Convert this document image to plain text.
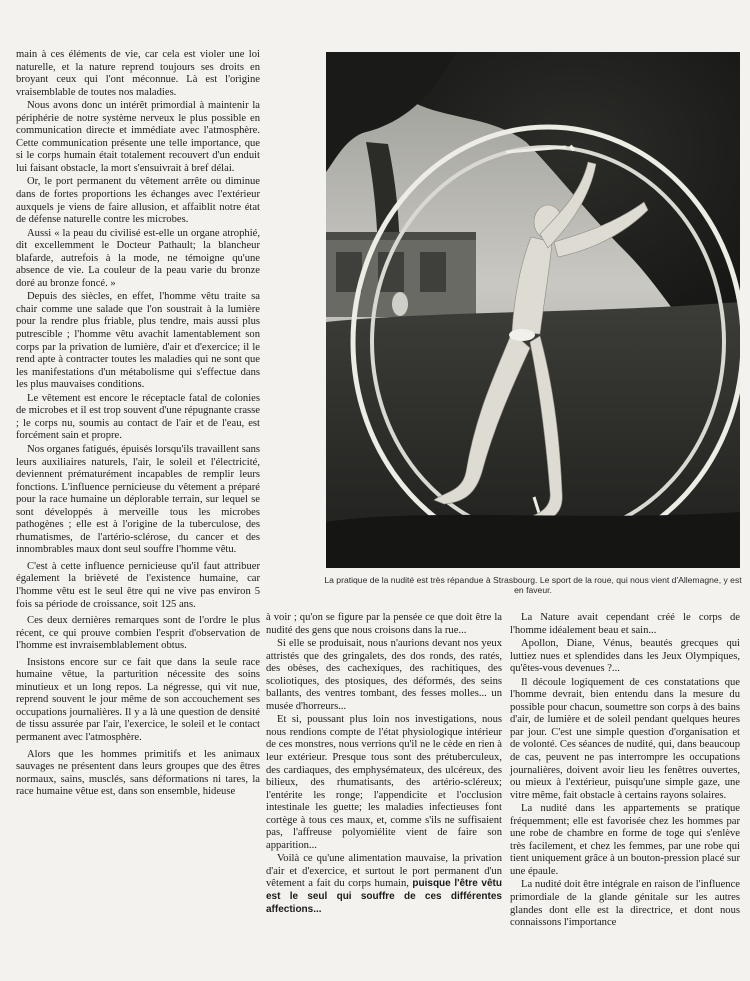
main à ces éléments de vie, car cela est violer une loi naturelle, et la nature reprend toujours ses droits en broyant ceux qui l'ont méconnue. Là est l'origine vraisemblable de toutes nos maladies.

Nous avons donc un intérêt primordial à maintenir la périphérie de notre système nerveux le plus possible en communication directe et immédiate avec l'atmosphère. Cette communication présente une telle importance, que si le corps humain était totalement recouvert d'un enduit lui faisant obstacle, la mort s'ensuivrait à bref délai.

Or, le port permanent du vêtement arrête ou diminue dans de fortes proportions les échanges avec l'extérieur auxquels je viens de faire allusion, et affaiblit notre état de défense naturelle contre les microbes.

Aussi « la peau du civilisé est-elle un organe atrophié, dit excellemment le Docteur Pathault; la blancheur blafarde, autrefois à la mode, ne témoigne qu'une absence de vie. La couleur de la peau varie du bronze doré au bronze foncé. »

Depuis des siècles, en effet, l'homme vêtu traite sa chair comme une salade que l'on soustrait à la lumière pour la rendre plus friable, plus tendre, mais aussi plus putrescible ; l'homme vêtu avachit lamentablement son corps par la privation de lumière, d'air et d'exercice; il le rend apte à contracter toutes les maladies qui ne sont que les manifestations d'un métabolisme qui s'effectue dans les plus mauvaises conditions.

Le vêtement est encore le réceptacle fatal de colonies de microbes et il est trop souvent d'une répugnante crasse ; le corps nu, soumis au contact de l'air et de l'eau, est forcément sain et propre.

Nos organes fatigués, épuisés lorsqu'ils travaillent sans leurs auxiliaires naturels, l'air, le soleil et l'électricité, deviennent prématurément incapables de remplir leurs fonctions. L'influence pernicieuse du vêtement a préparé pour la race humaine un déplorable terrain, sur lequel se sont développés à merveille tous les microbes pathogènes ; elle est à l'origine de la tuberculose, des rhumatismes, de l'artério-sclérose, du cancer et des innombrables maux dont seul souffre l'homme vêtu.

C'est à cette influence pernicieuse qu'il faut attribuer également la brièveté de l'existence humaine, car l'homme vêtu est le seul être qui ne vive pas environ 5 fois sa période de croissance, soit 125 ans.

Ces deux dernières remarques sont de l'ordre le plus récent, ce qui prouve combien l'esprit d'observation de l'homme est invraisemblablement obtus.

Insistons encore sur ce fait que dans la seule race humaine vêtue, la parturition nécessite des soins minutieux et un long repos. La négresse, qui vit nue, reprend souvent le jour même de son accouchement ses occupations journalières. Il y a là une question de densité de tissu assurée par l'air, l'exercice, le soleil et le contact permanent avec l'atmosphère.

Alors que les hommes primitifs et les animaux sauvages ne présentent dans leurs groupes que des êtres normaux, sains, musclés, sans déformations ni tares, la race humaine vêtue est, dans son ensemble, hideuse

La pratique de la nudité est très répandue à Strasbourg. Le sport de la roue, qui nous vient d'Allemagne, y est en faveur.

à voir ; qu'on se figure par la pensée ce que doit être la nudité des gens que nous croisons dans la rue...

Si elle se produisait, nous n'aurions devant nos yeux attristés que des gringalets, des dos ronds, des ratés, des obèses, des cachexiques, des rachitiques, des scoliotiques, des ptosiques, des déformés, des seins ballants, des ventres tombant, des fesses molles... un musée d'horreurs...

Et si, poussant plus loin nos investigations, nous nous rendions compte de l'état physiologique intérieur de ces monstres, nous verrions qu'il ne le cède en rien à leur extérieur. Presque tous sont des prétuberculeux, des cardiaques, des emphysémateux, des ulcéreux, des bilieux, des rhumatisants, des artério-scléreux; l'entérite les ronge; l'appendicite et l'occlusion intestinale les guette; les maladies infectieuses font cortège à tous ces maux, et, comme s'ils ne suffisaient pas, l'affreuse polyomiélite vient de faire son apparition...

Voilà ce qu'une alimentation mauvaise, la privation d'air et d'exercice, et surtout le port permanent d'un vêtement a fait du corps humain, puisque l'être vêtu est le seul qui souffre de ces différentes affections...

La Nature avait cependant créé le corps de l'homme idéalement beau et sain...

Apollon, Diane, Vénus, beautés grecques qui luttiez nues et splendides dans les Jeux Olympiques, qu'êtes-vous devenues ?...

Il découle logiquement de ces constatations que l'homme devrait, bien entendu dans la mesure du possible pour chacun, soumettre son corps à des bains d'air, de lumière et de soleil pendant quelques heures par jour. C'est une simple question d'organisation et de volonté. Ces séances de nudité, qui, dans beaucoup de cas, peuvent ne pas interrompre les occupations journalières, doivent avoir lieu les fenêtres ouvertes, ou mieux à l'extérieur, puisqu'une simple gaze, une vitre même, fait obstacle à certains rayons solaires.

La nudité dans les appartements se pratique fréquemment; elle est favorisée chez les hommes par une robe de chambre en forme de toge qui s'enlève très facilement, et chez les femmes, par une robe qui tient uniquement grâce à un bouton-pression placé sur une épaule.

La nudité doit être intégrale en raison de l'influence primordiale de la glande génitale sur les autres glandes dont elle est la directrice, et dont nous connaissons l'importance
